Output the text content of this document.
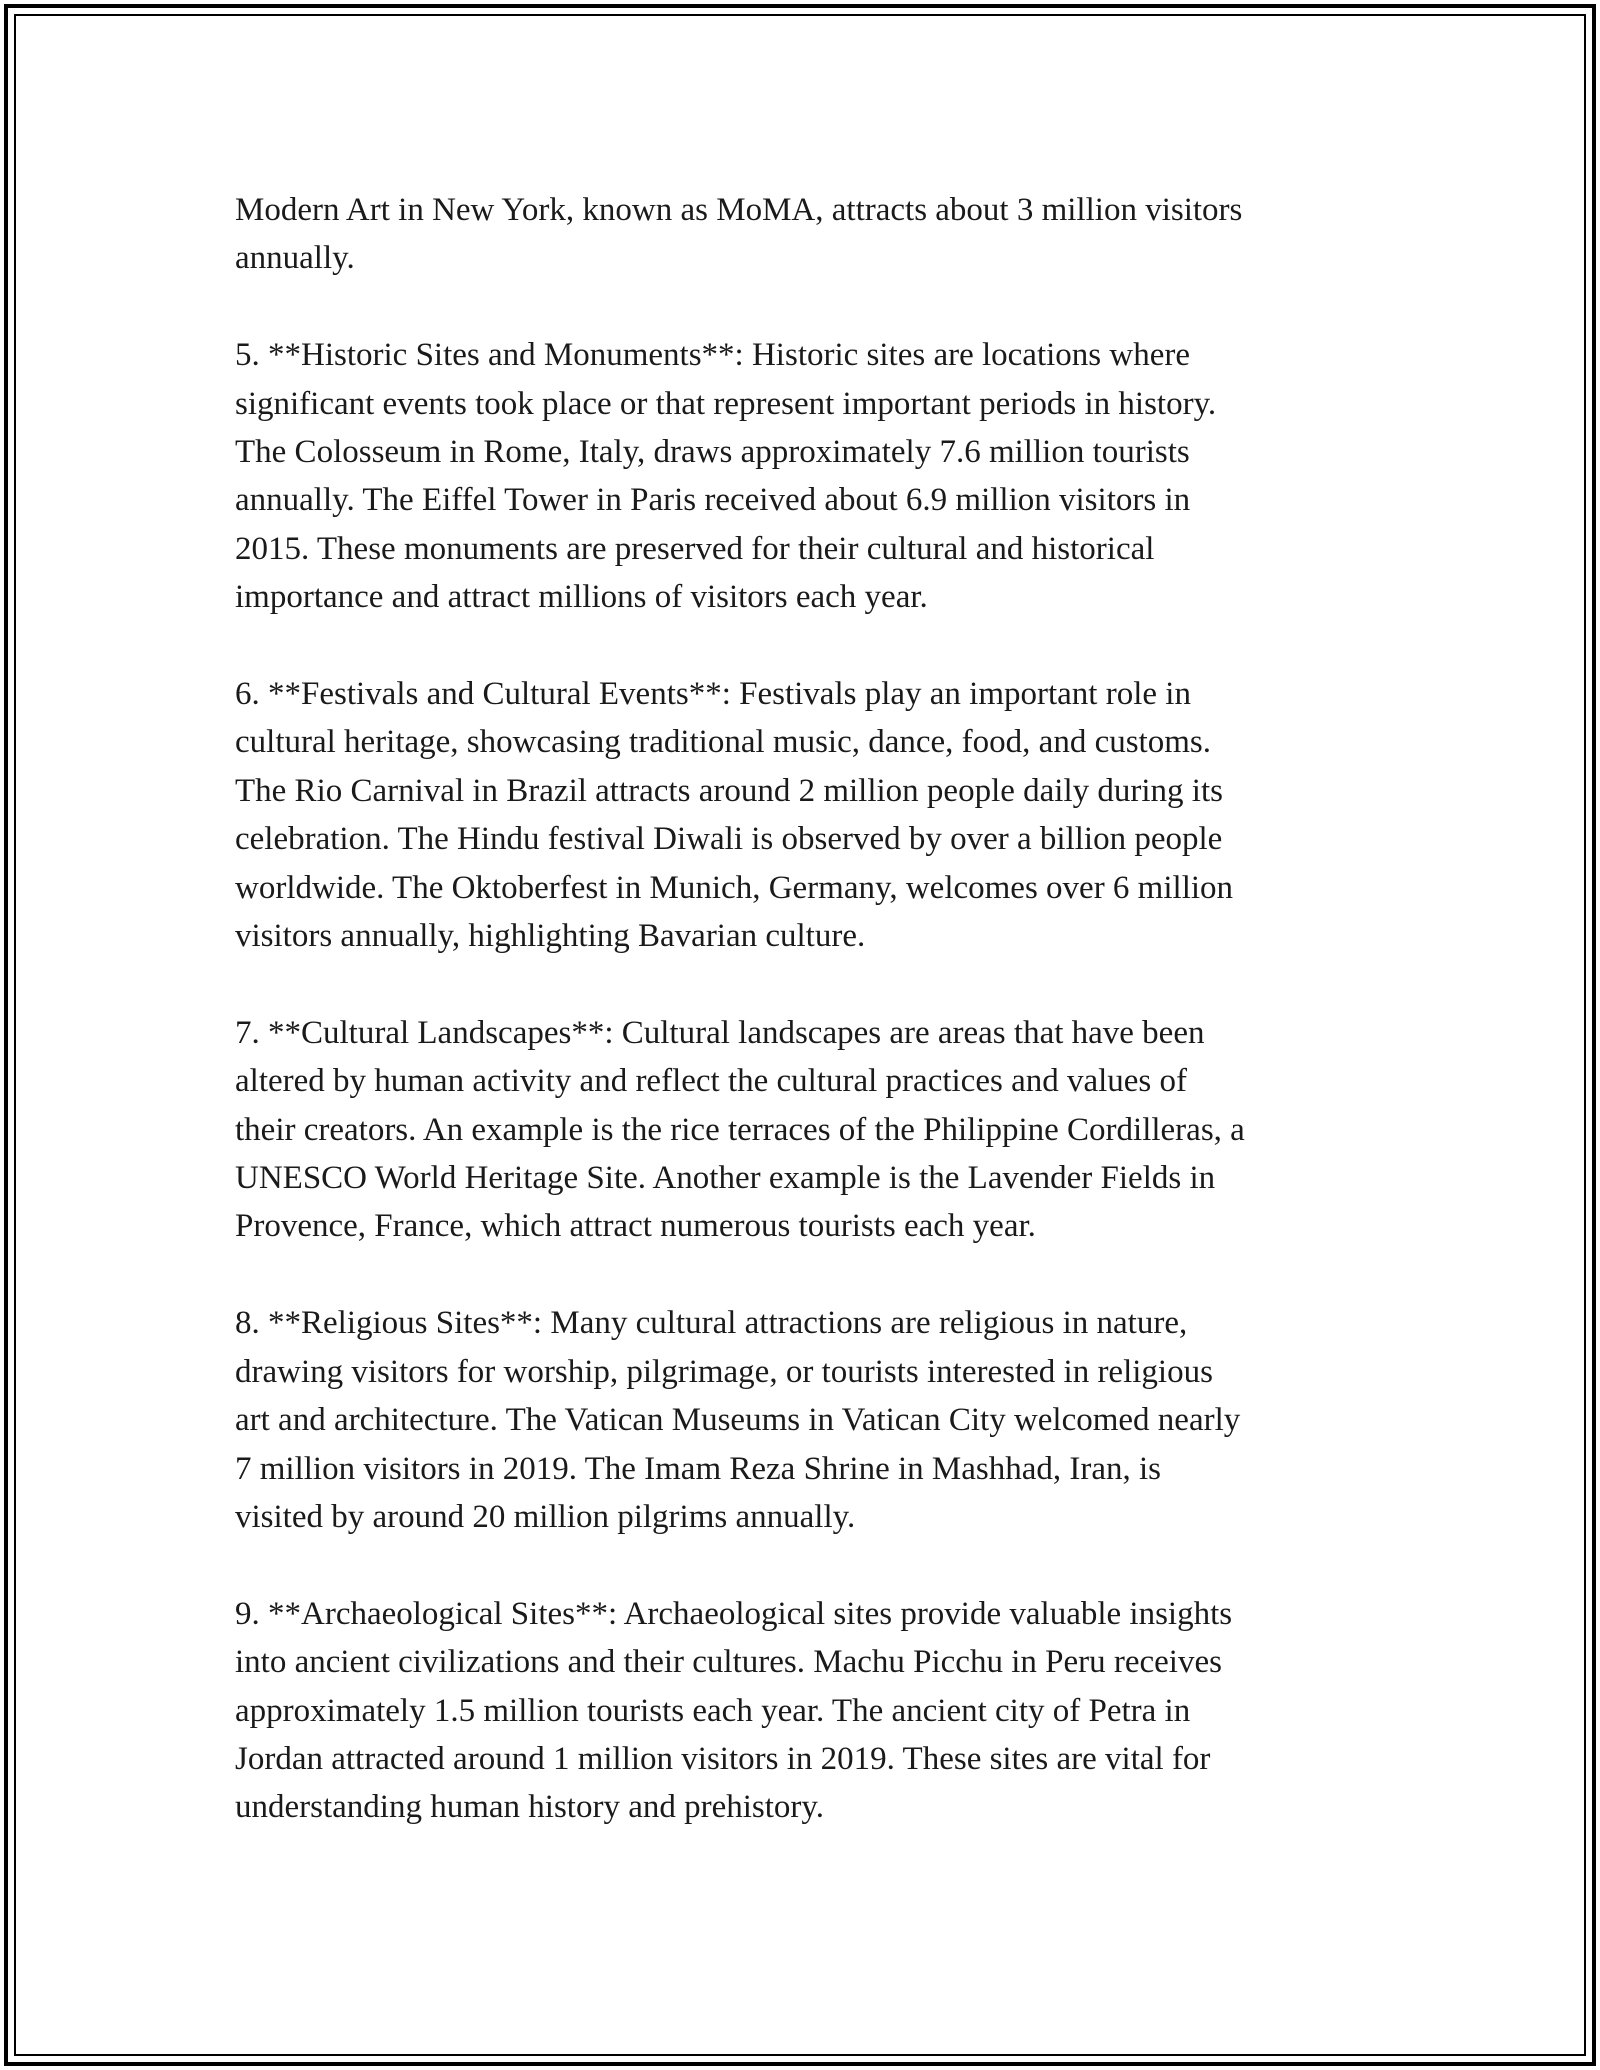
Modern Art in New York, known as MoMA, attracts about 3 million visitors
annually.

5. **Historic Sites and Monuments**: Historic sites are locations where
significant events took place or that represent important periods in history.
The Colosseum in Rome, Italy, draws approximately 7.6 million tourists
annually. The Eiffel Tower in Paris received about 6.9 million visitors in
2015. These monuments are preserved for their cultural and historical
importance and attract millions of visitors each year.

6. **Festivals and Cultural Events**: Festivals play an important role in
cultural heritage, showcasing traditional music, dance, food, and customs.
The Rio Carnival in Brazil attracts around 2 million people daily during its
celebration. The Hindu festival Diwali is observed by over a billion people
worldwide. The Oktoberfest in Munich, Germany, welcomes over 6 million
visitors annually, highlighting Bavarian culture.

7. **Cultural Landscapes**: Cultural landscapes are areas that have been
altered by human activity and reflect the cultural practices and values of
their creators. An example is the rice terraces of the Philippine Cordilleras, a
UNESCO World Heritage Site. Another example is the Lavender Fields in
Provence, France, which attract numerous tourists each year.

8. **Religious Sites**: Many cultural attractions are religious in nature,
drawing visitors for worship, pilgrimage, or tourists interested in religious
art and architecture. The Vatican Museums in Vatican City welcomed nearly
7 million visitors in 2019. The Imam Reza Shrine in Mashhad, Iran, is
visited by around 20 million pilgrims annually.

9. **Archaeological Sites**: Archaeological sites provide valuable insights
into ancient civilizations and their cultures. Machu Picchu in Peru receives
approximately 1.5 million tourists each year. The ancient city of Petra in
Jordan attracted around 1 million visitors in 2019. These sites are vital for
understanding human history and prehistory.
